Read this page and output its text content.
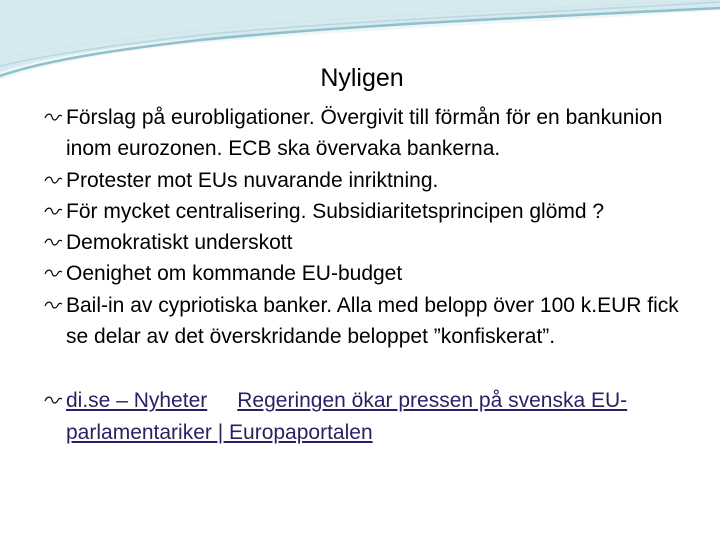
Nyligen
Förslag på eurobligationer. Övergivit till förmån för en bankunion inom eurozonen. ECB ska övervaka bankerna.
Protester mot EUs nuvarande inriktning.
För mycket centralisering. Subsidiaritetsprincipen glömd ?
Demokratiskt underskott
Oenighet om kommande EU-budget
Bail-in av cypriotiska banker. Alla med belopp över 100 k.EUR fick se delar av det överskridande beloppet ”konfiskerat”.
di.se – Nyheter Regeringen ökar pressen på svenska EU-parlamentariker | Europaportalen
